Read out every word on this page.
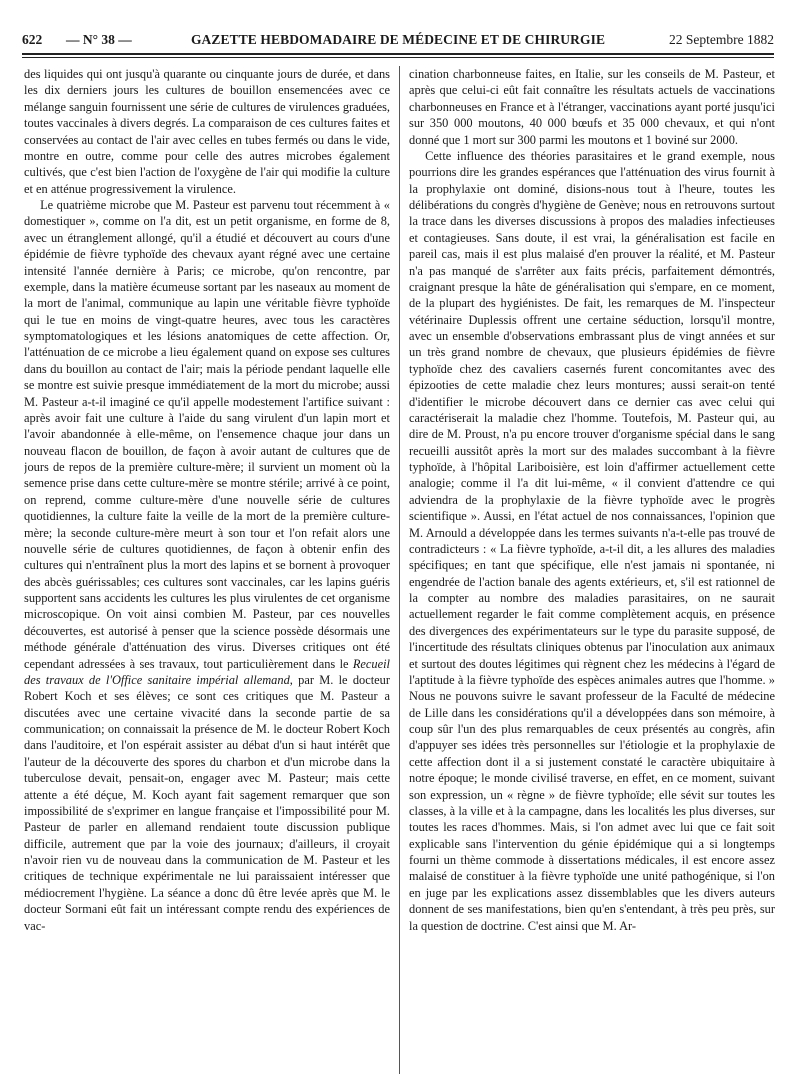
622 — N° 38 —	GAZETTE HEBDOMADAIRE DE MÉDECINE ET DE CHIRURGIE	22 Septembre 1882

des liquides qui ont jusqu'à quarante ou cinquante jours de durée, et dans les dix derniers jours les cultures de bouillon ensemencées avec ce mélange sanguin fournissent une série de cultures de virulences graduées, toutes vaccinales à divers degrés. La comparaison de ces cultures faites et conservées au contact de l'air avec celles en tubes fermés ou dans le vide, montre en outre, comme pour celle des autres microbes également cultivés, que c'est bien l'action de l'oxygène de l'air qui modifie la culture et en atténue progressivement la virulence.

Le quatrième microbe que M. Pasteur est parvenu tout récemment à « domestiquer », comme on l'a dit, est un petit organisme, en forme de 8, avec un étranglement allongé, qu'il a étudié et découvert au cours d'une épidémie de fièvre typhoïde des chevaux ayant régné avec une certaine intensité l'année dernière à Paris; ce microbe, qu'on rencontre, par exemple, dans la matière écumeuse sortant par les naseaux au moment de la mort de l'animal, communique au lapin une véritable fièvre typhoïde qui le tue en moins de vingt-quatre heures, avec tous les caractères symptomatologiques et les lésions anatomiques de cette affection. Or, l'atténuation de ce microbe a lieu également quand on expose ses cultures dans du bouillon au contact de l'air; mais la période pendant laquelle elle se montre est suivie presque immédiatement de la mort du microbe; aussi M. Pasteur a-t-il imaginé ce qu'il appelle modestement l'artifice suivant : après avoir fait une culture à l'aide du sang virulent d'un lapin mort et l'avoir abandonnée à elle-même, on l'ensemence chaque jour dans un nouveau flacon de bouillon, de façon à avoir autant de cultures que de jours de repos de la première culture-mère; il survient un moment où la semence prise dans cette culture-mère se montre stérile; arrivé à ce point, on reprend, comme culture-mère d'une nouvelle série de cultures quotidiennes, la culture faite la veille de la mort de la première culture-mère; la seconde culture-mère meurt à son tour et l'on refait alors une nouvelle série de cultures quotidiennes, de façon à obtenir enfin des cultures qui n'entraînent plus la mort des lapins et se bornent à provoquer des abcès guérissables; ces cultures sont vaccinales, car les lapins guéris supportent sans accidents les cultures les plus virulentes de cet organisme microscopique. On voit ainsi combien M. Pasteur, par ces nouvelles découvertes, est autorisé à penser que la science possède désormais une méthode générale d'atténuation des virus. Diverses critiques ont été cependant adressées à ses travaux, tout particulièrement dans le Recueil des travaux de l'Office sanitaire impérial allemand, par M. le docteur Robert Koch et ses élèves; ce sont ces critiques que M. Pasteur a discutées avec une certaine vivacité dans la seconde partie de sa communication; on connaissait la présence de M. le docteur Robert Koch dans l'auditoire, et l'on espérait assister au débat d'un si haut intérêt que l'auteur de la découverte des spores du charbon et d'un microbe dans la tuberculose devait, pensait-on, engager avec M. Pasteur; mais cette attente a été déçue, M. Koch ayant fait sagement remarquer que son impossibilité de s'exprimer en langue française et l'impossibilité pour M. Pasteur de parler en allemand rendaient toute discussion publique difficile, autrement que par la voie des journaux; d'ailleurs, il croyait n'avoir rien vu de nouveau dans la communication de M. Pasteur et les critiques de technique expérimentale ne lui paraissaient intéresser que médiocrement l'hygiène. La séance a donc dû être levée après que M. le docteur Sormani eût fait un intéressant compte rendu des expériences de vac-

cination charbonneuse faites, en Italie, sur les conseils de M. Pasteur, et après que celui-ci eût fait connaître les résultats actuels de vaccinations charbonneuses en France et à l'étranger, vaccinations ayant porté jusqu'ici sur 350 000 moutons, 40 000 bœufs et 35 000 chevaux, et qui n'ont donné que 1 mort sur 300 parmi les moutons et 1 boviné sur 2000.

Cette influence des théories parasitaires et le grand exemple, nous pourrions dire les grandes espérances que l'atténuation des virus fournit à la prophylaxie ont dominé, disions-nous tout à l'heure, toutes les délibérations du congrès d'hygiène de Genève; nous en retrouvons surtout la trace dans les diverses discussions à propos des maladies infectieuses et contagieuses. Sans doute, il est vrai, la généralisation est facile en pareil cas, mais il est plus malaisé d'en prouver la réalité, et M. Pasteur n'a pas manqué de s'arrêter aux faits précis, parfaitement démontrés, craignant presque la hâte de généralisation qui s'empare, en ce moment, de la plupart des hygiénistes. De fait, les remarques de M. l'inspecteur vétérinaire Duplessis offrent une certaine séduction, lorsqu'il montre, avec un ensemble d'observations embrassant plus de vingt années et sur un très grand nombre de chevaux, que plusieurs épidémies de fièvre typhoïde chez des cavaliers casernés furent concomitantes avec des épizooties de cette maladie chez leurs montures; aussi serait-on tenté d'identifier le microbe découvert dans ce dernier cas avec celui qui caractériserait la maladie chez l'homme. Toutefois, M. Pasteur qui, au dire de M. Proust, n'a pu encore trouver d'organisme spécial dans le sang recueilli aussitôt après la mort sur des malades succombant à la fièvre typhoïde, à l'hôpital Lariboisière, est loin d'affirmer actuellement cette analogie; comme il l'a dit lui-même, « il convient d'attendre ce qui adviendra de la prophylaxie de la fièvre typhoïde avec le progrès scientifique ». Aussi, en l'état actuel de nos connaissances, l'opinion que M. Arnould a développée dans les termes suivants n'a-t-elle pas trouvé de contradicteurs : « La fièvre typhoïde, a-t-il dit, a les allures des maladies spécifiques; en tant que spécifique, elle n'est jamais ni spontanée, ni engendrée de l'action banale des agents extérieurs, et, s'il est rationnel de la compter au nombre des maladies parasitaires, on ne saurait actuellement regarder le fait comme complètement acquis, en présence des divergences des expérimentateurs sur le type du parasite supposé, de l'incertitude des résultats cliniques obtenus par l'inoculation aux animaux et surtout des doutes légitimes qui règnent chez les médecins à l'égard de l'aptitude à la fièvre typhoïde des espèces animales autres que l'homme. » Nous ne pouvons suivre le savant professeur de la Faculté de médecine de Lille dans les considérations qu'il a développées dans son mémoire, à coup sûr l'un des plus remarquables de ceux présentés au congrès, afin d'appuyer ses idées très personnelles sur l'étiologie et la prophylaxie de cette affection dont il a si justement constaté le caractère ubiquitaire à notre époque; le monde civilisé traverse, en effet, en ce moment, suivant son expression, un « règne » de fièvre typhoïde; elle sévit sur toutes les classes, à la ville et à la campagne, dans les localités les plus diverses, sur toutes les races d'hommes. Mais, si l'on admet avec lui que ce fait soit explicable sans l'intervention du génie épidémique qui a si longtemps fourni un thème commode à dissertations médicales, il est encore assez malaisé de constituer à la fièvre typhoïde une unité pathogénique, si l'on en juge par les explications assez dissemblables que les divers auteurs donnent de ses manifestations, bien qu'en s'entendant, à très peu près, sur la question de doctrine. C'est ainsi que M. Ar-
